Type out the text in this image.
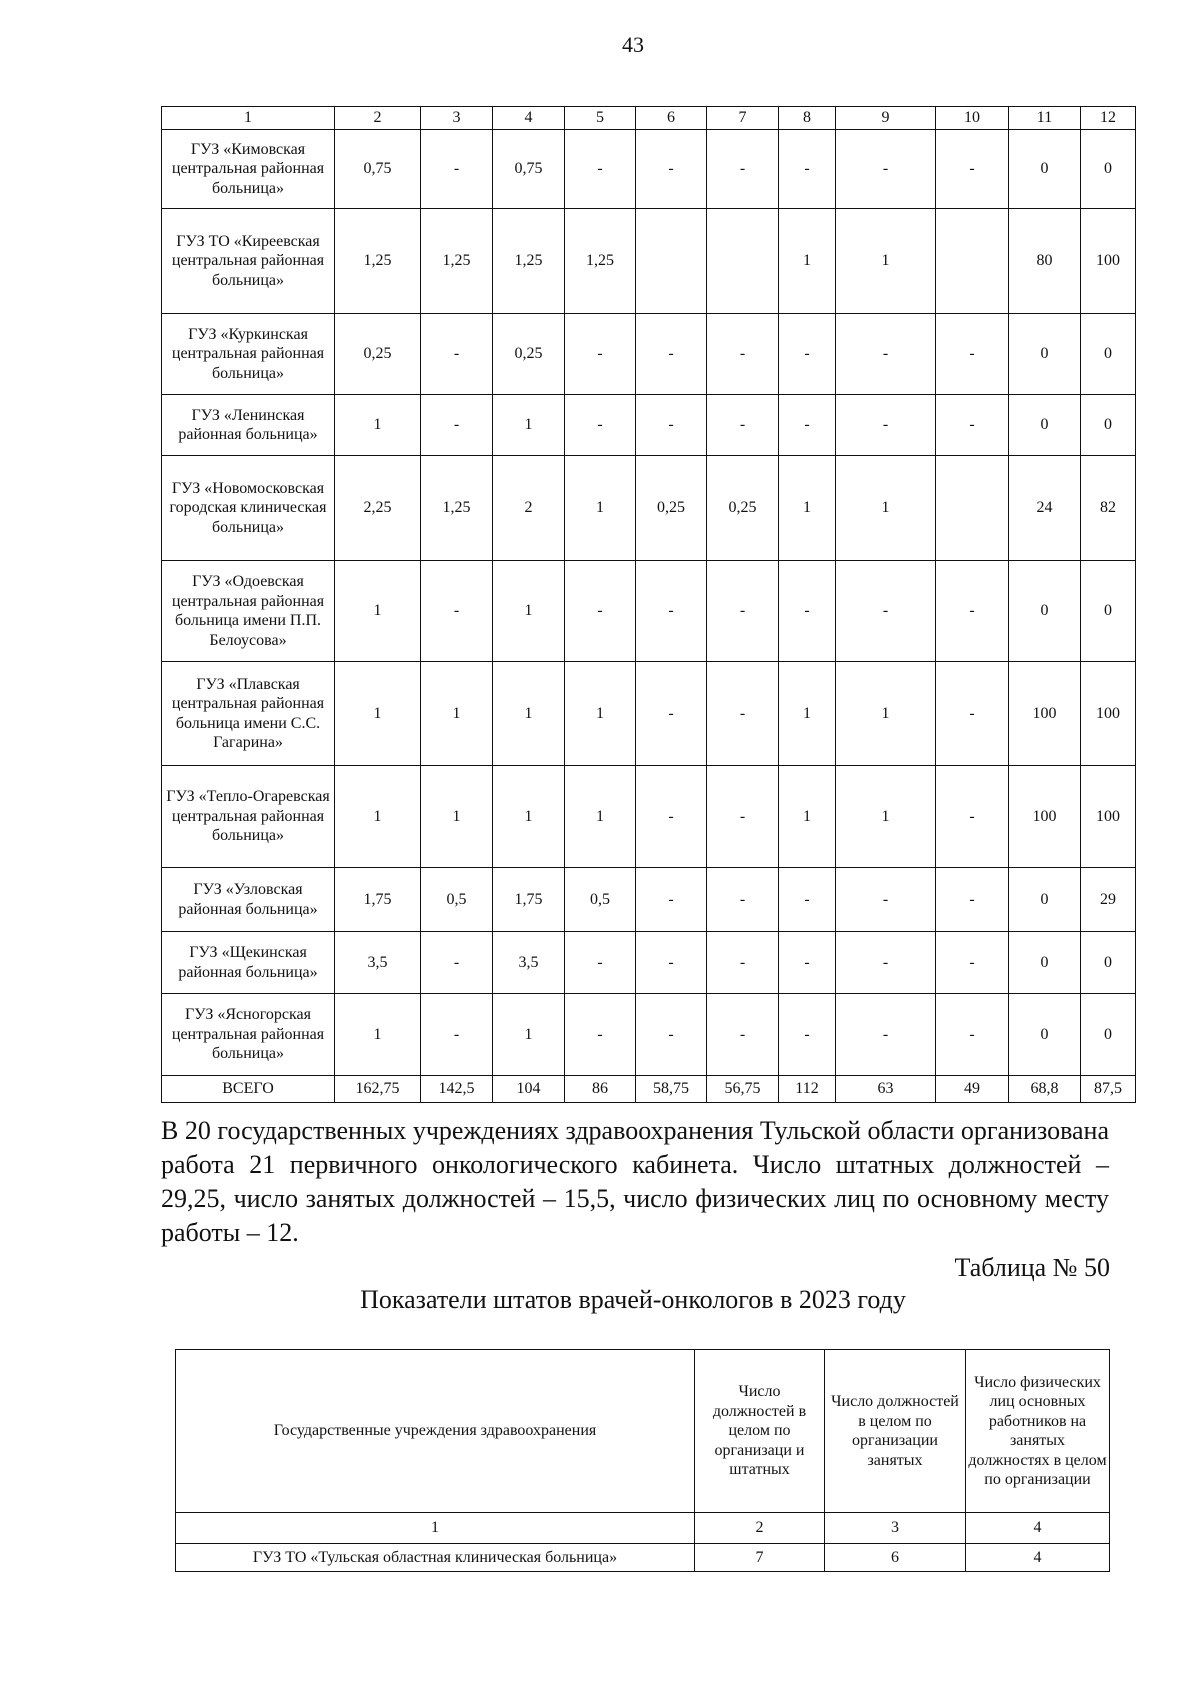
43
1	2	3	4	5	6	7	8	9	10	11	12
ГУЗ «Кимовская центральная районная больница»	0,75	-	0,75	-	-	-	-	-	-	0	0
ГУЗ ТО «Киреевская центральная районная больница»	1,25	1,25	1,25	1,25			1	1		80	100
ГУЗ «Куркинская центральная районная больница»	0,25	-	0,25	-	-	-	-	-	-	0	0
ГУЗ «Ленинская районная больница»	1	-	1	-	-	-	-	-	-	0	0
ГУЗ «Новомосковская городская клиническая больница»	2,25	1,25	2	1	0,25	0,25	1	1		24	82
ГУЗ «Одоевская центральная районная больница имени П.П. Белоусова»	1	-	1	-	-	-	-	-	-	0	0
ГУЗ «Плавская центральная районная больница имени С.С. Гагарина»	1	1	1	1	-	-	1	1	-	100	100
ГУЗ «Тепло-Огаревская центральная районная больница»	1	1	1	1	-	-	1	1	-	100	100
ГУЗ «Узловская районная больница»	1,75	0,5	1,75	0,5	-	-	-	-	-	0	29
ГУЗ «Щекинская районная больница»	3,5	-	3,5	-	-	-	-	-	-	0	0
ГУЗ «Ясногорская центральная районная больница»	1	-	1	-	-	-	-	-	-	0	0
ВСЕГО	162,75	142,5	104	86	58,75	56,75	112	63	49	68,8	87,5
В 20 государственных учреждениях здравоохранения Тульской области организована работа 21 первичного онкологического кабинета. Число штатных должностей – 29,25, число занятых должностей – 15,5, число физических лиц по основному месту работы – 12.
Таблица № 50
Показатели штатов врачей-онкологов в 2023 году
Государственные учреждения здравоохранения	Число должностей в целом по организаци и штатных	Число должностей в целом по организации занятых	Число физических лиц основных работников на занятых должностях в целом по организации
1	2	3	4
ГУЗ ТО «Тульская областная клиническая больница»	7	6	4
